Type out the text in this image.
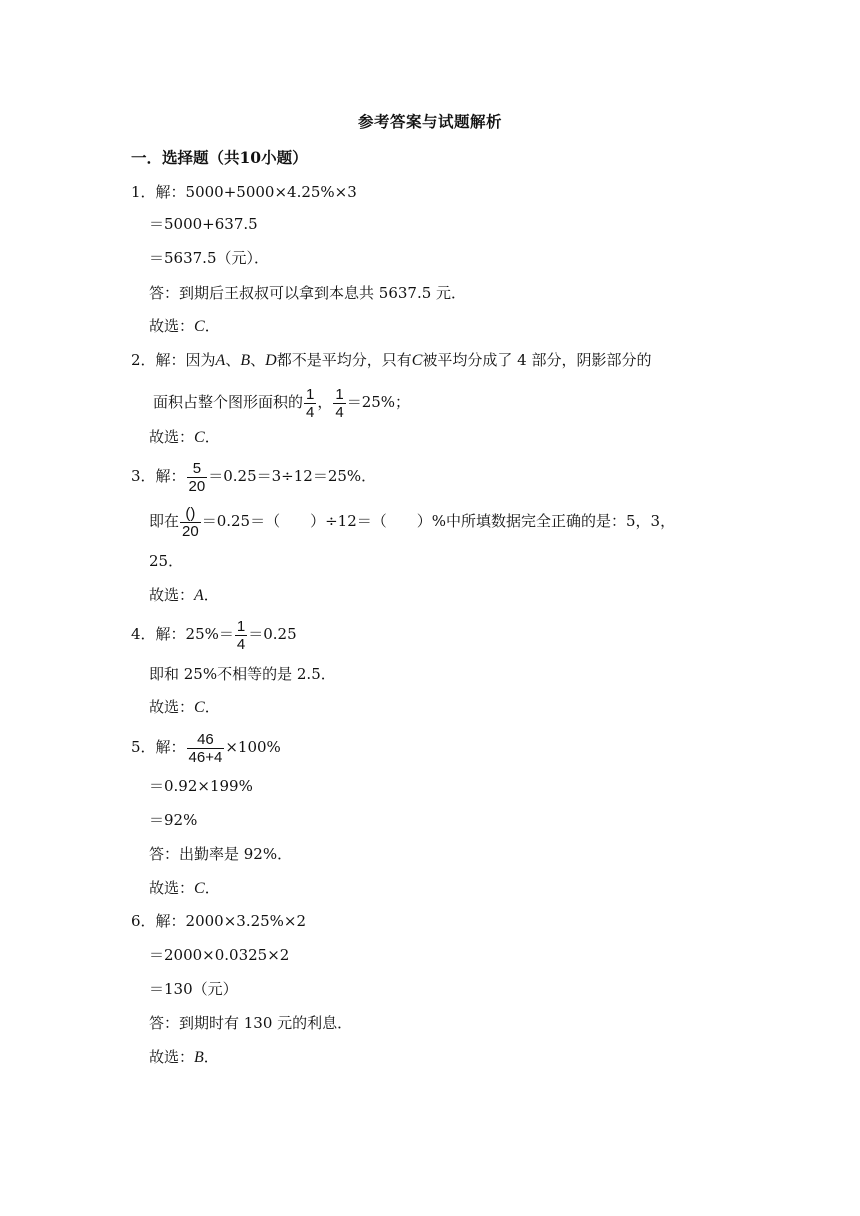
参考答案与试题解析
一．选择题（共10小题）
1．解：5000+5000×4.25%×3
＝5000+637.5
＝5637.5（元）．
答：到期后王叔叔可以拿到本息共 5637.5 元．
故选：C．
2．解：因为A、B、D都不是平均分，只有C被平均分成了 4 部分，阴影部分的
面积占整个图形面积的 $\frac{1}{4}$ ， $\frac{1}{4} =25\%$；
故选：C．
3．解： $\frac{5}{20} =0.25=3\div 12=25\%$．
即在 $\frac{()}{20} =0.25=$（　　）÷12＝（　　）%中所填数据完全正确的是：5，3，
25．
故选：A．
4．解：$25\%= \frac{1}{4} =0.25$
即和 25%不相等的是 2.5．
故选：C．
5．解： $\frac{46}{46+4} \times 100\%$
＝0.92×199%
＝92%
答：出勤率是 92%．
故选：C．
6．解：2000×3.25%×2
＝2000×0.0325×2
＝130（元）
答：到期时有 130 元的利息．
故选：B．
